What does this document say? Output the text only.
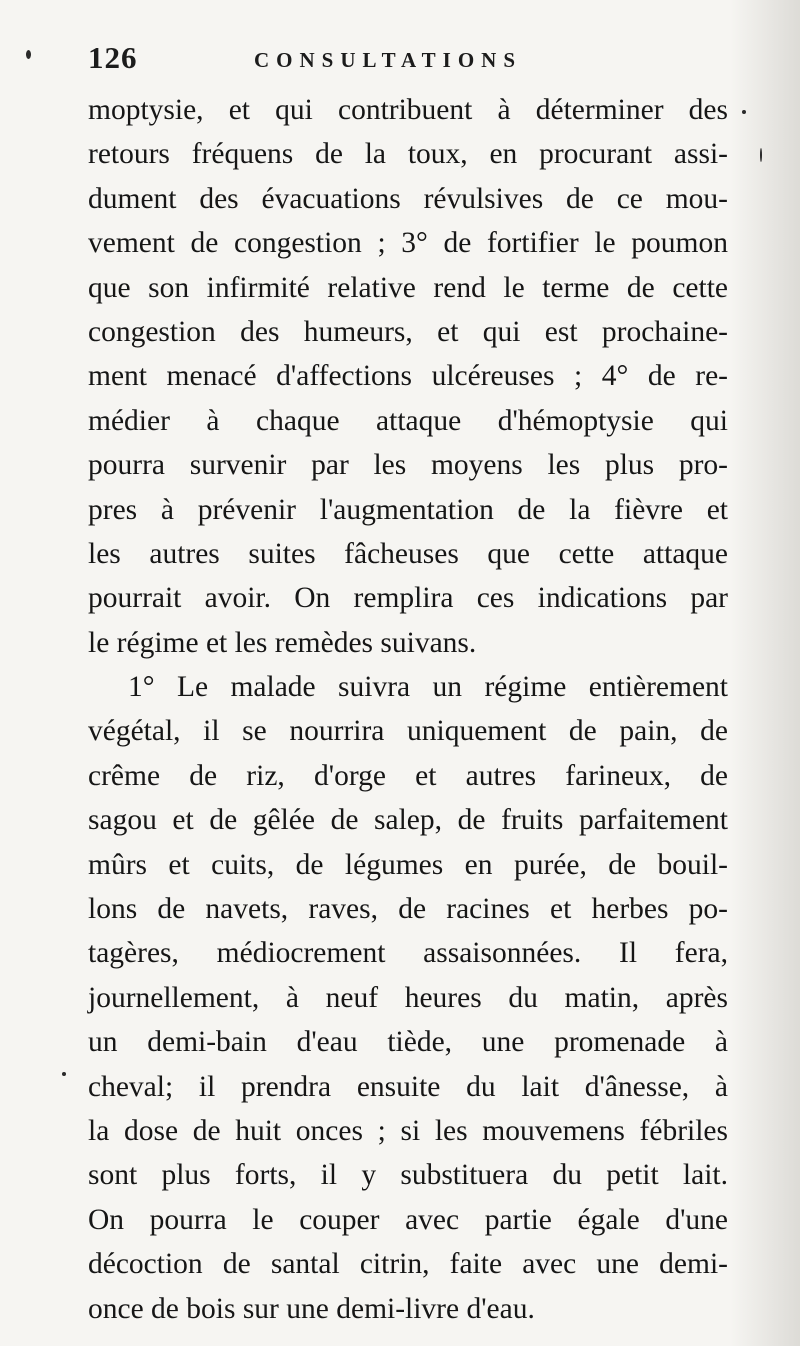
126	CONSULTATIONS
moptysie, et qui contribuent à déterminer des
retours fréquens de la toux, en procurant assi-
dument des évacuations révulsives de ce mou-
vement de congestion ; 3° de fortifier le poumon
que son infirmité relative rend le terme de cette
congestion des humeurs, et qui est prochaine-
ment menacé d'affections ulcéreuses ; 4° de re-
médier à chaque attaque d'hémoptysie qui
pourra survenir par les moyens les plus pro-
pres à prévenir l'augmentation de la fièvre et
les autres suites fâcheuses que cette attaque
pourrait avoir. On remplira ces indications par
le régime et les remèdes suivans.
1° Le malade suivra un régime entièrement
végétal, il se nourrira uniquement de pain, de
crême de riz, d'orge et autres farineux, de
sagou et de gêlée de salep, de fruits parfaitement
mûrs et cuits, de légumes en purée, de bouil-
lons de navets, raves, de racines et herbes po-
tagères, médiocrement assaisonnées. Il fera,
journellement, à neuf heures du matin, après
un demi-bain d'eau tiède, une promenade à
cheval; il prendra ensuite du lait d'ânesse, à
la dose de huit onces ; si les mouvemens fébriles
sont plus forts, il y substituera du petit lait.
On pourra le couper avec partie égale d'une
décoction de santal citrin, faite avec une demi-
once de bois sur une demi-livre d'eau.
